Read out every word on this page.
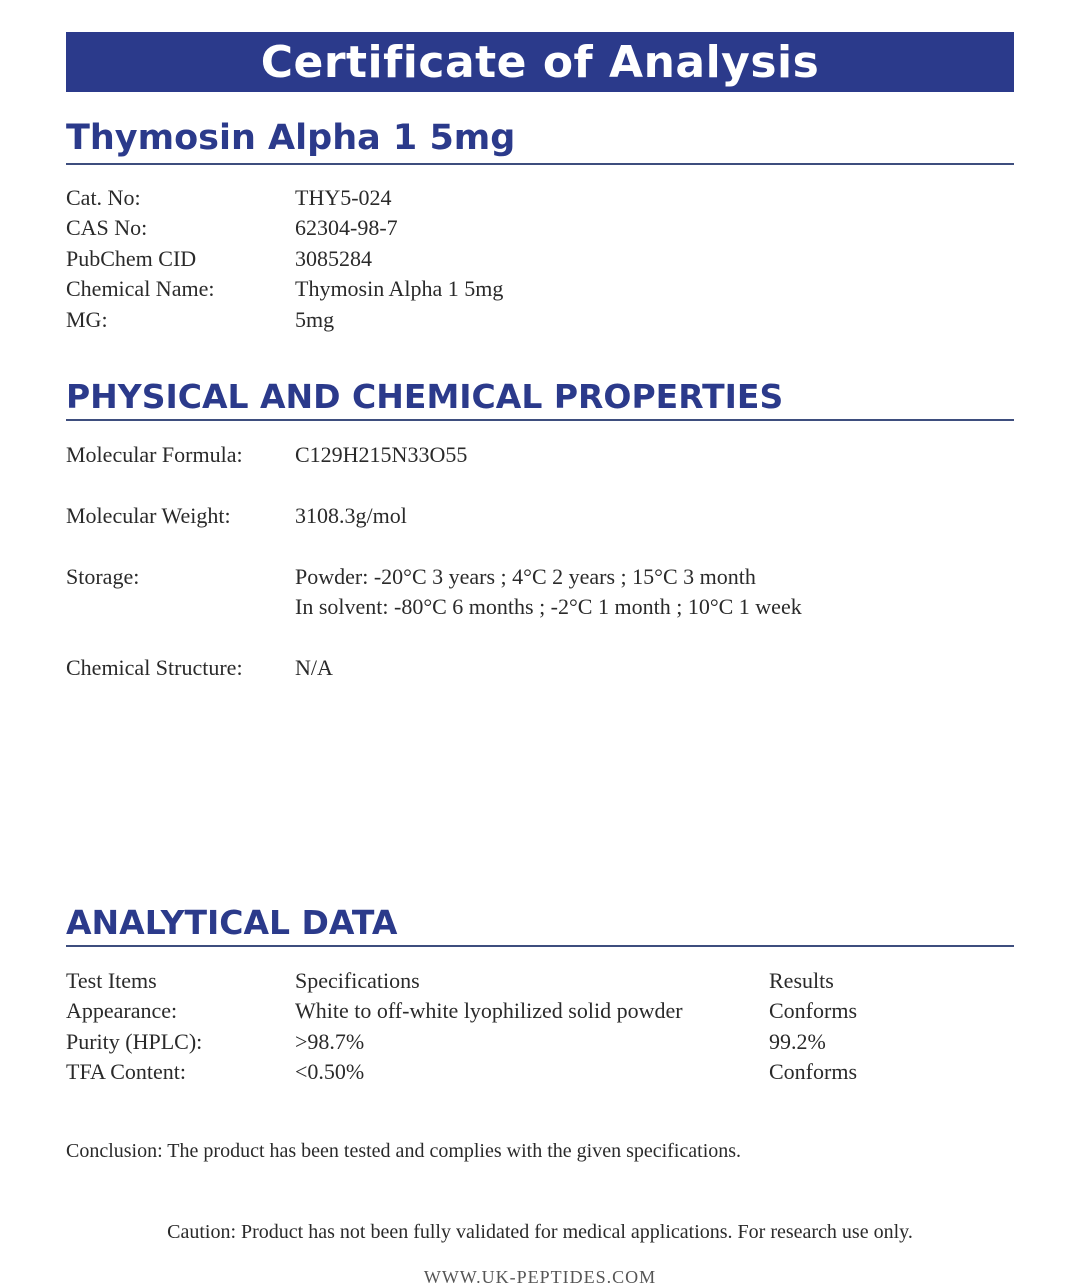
Certificate of Analysis
Thymosin Alpha 1 5mg
Cat. No:	THY5-024
CAS No:	62304-98-7
PubChem CID	3085284
Chemical Name:	Thymosin Alpha 1 5mg
MG:	5mg
PHYSICAL AND CHEMICAL PROPERTIES
Molecular Formula: C129H215N33O55
Molecular Weight:	3108.3g/mol
Storage:	Powder: -20°C 3 years ; 4°C 2 years ; 15°C 3 month
In solvent: -80°C 6 months ; -2°C 1 month ; 10°C 1 week
Chemical Structure: N/A
ANALYTICAL DATA
Test Items	Specifications	Results
Appearance:	White to off-white lyophilized solid powder	Conforms
Purity (HPLC):	>98.7%	99.2%
TFA Content:	<0.50%	Conforms
Conclusion: The product has been tested and complies with the given specifications.
Caution: Product has not been fully validated for medical applications. For research use only.
WWW.UK-PEPTIDES.COM
